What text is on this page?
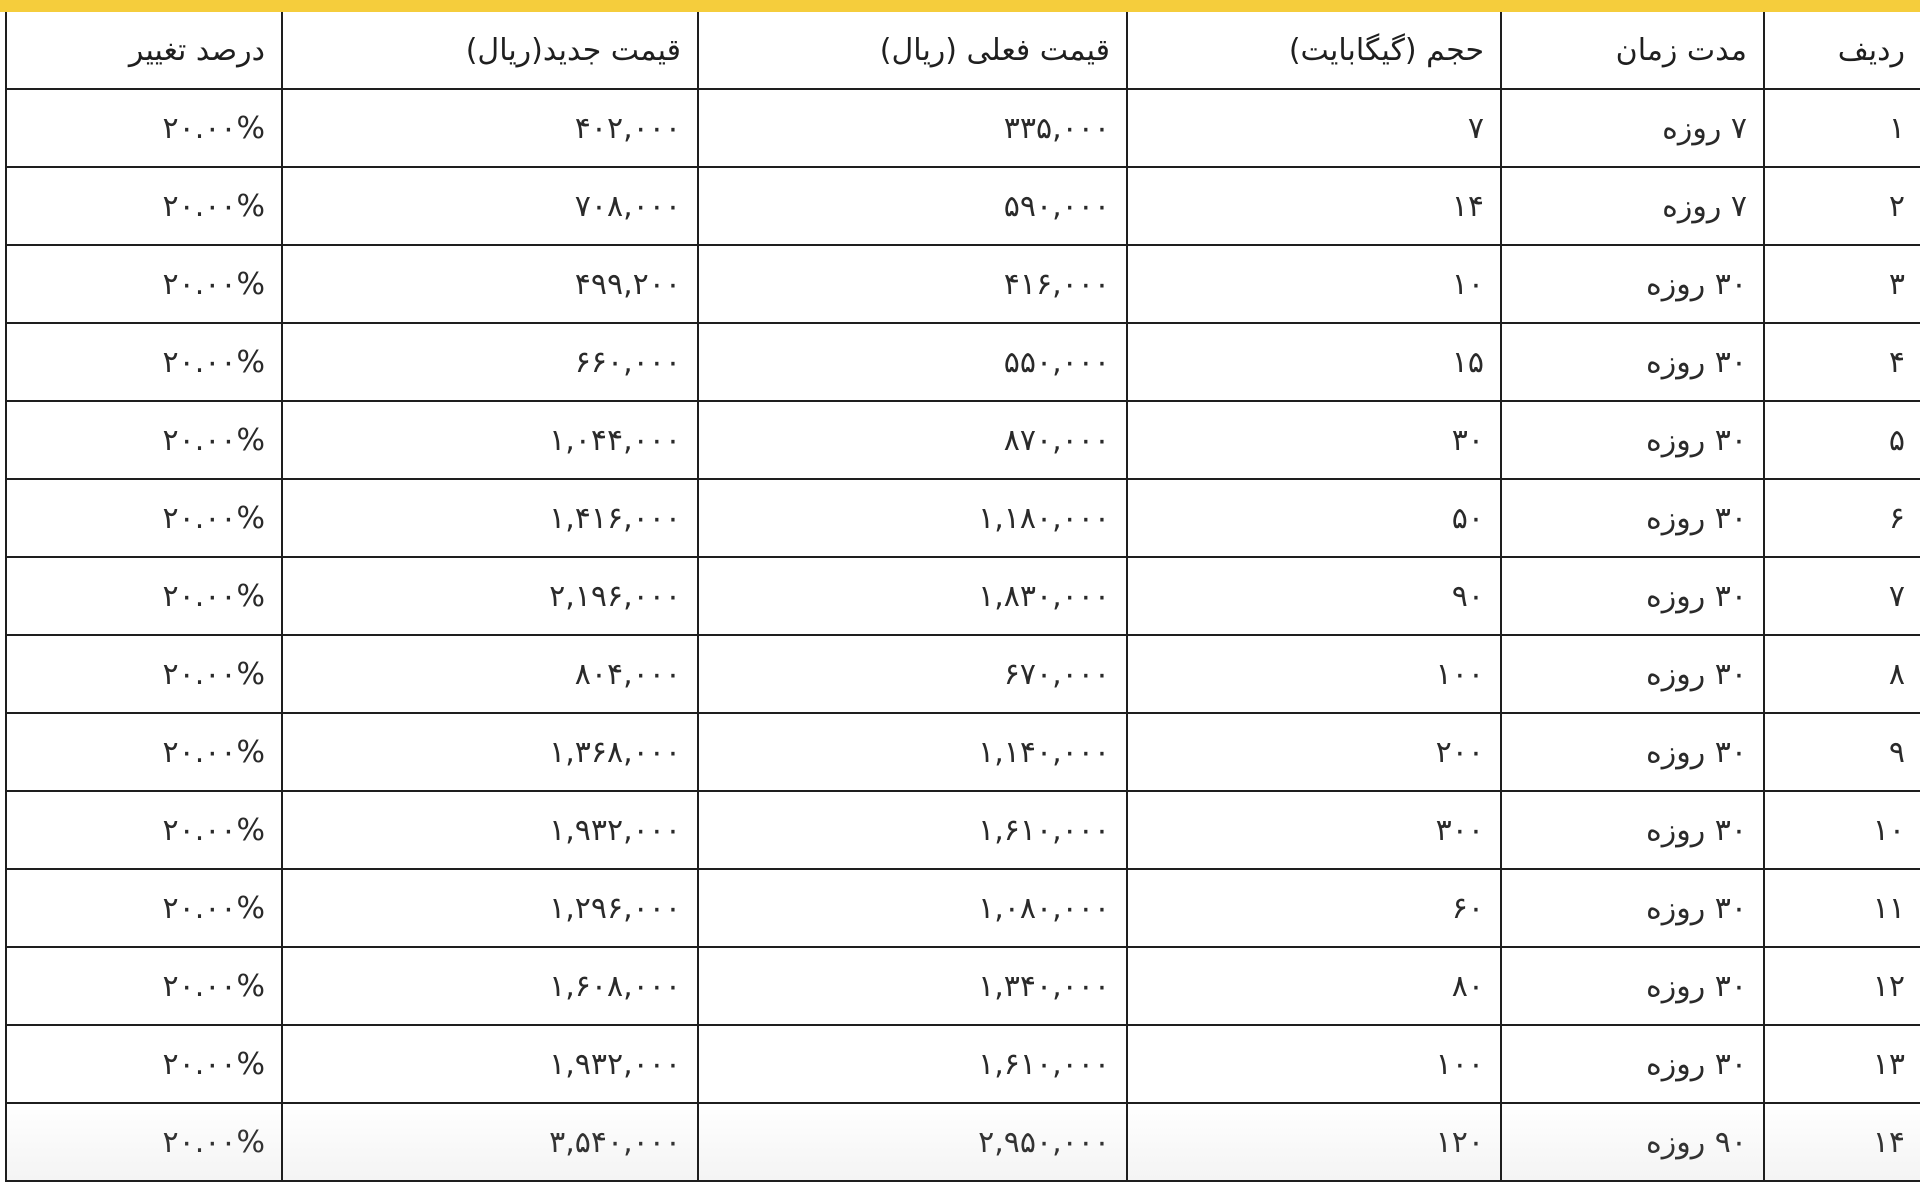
ردیف	مدت زمان	حجم (گیگابایت)	قیمت فعلی (ریال)	قیمت جدید(ریال)	درصد تغییر
۱	۷ روزه	۷	۳۳۵,۰۰۰	۴۰۲,۰۰۰	۲۰.۰۰%
۲	۷ روزه	۱۴	۵۹۰,۰۰۰	۷۰۸,۰۰۰	۲۰.۰۰%
۳	۳۰ روزه	۱۰	۴۱۶,۰۰۰	۴۹۹,۲۰۰	۲۰.۰۰%
۴	۳۰ روزه	۱۵	۵۵۰,۰۰۰	۶۶۰,۰۰۰	۲۰.۰۰%
۵	۳۰ روزه	۳۰	۸۷۰,۰۰۰	۱,۰۴۴,۰۰۰	۲۰.۰۰%
۶	۳۰ روزه	۵۰	۱,۱۸۰,۰۰۰	۱,۴۱۶,۰۰۰	۲۰.۰۰%
۷	۳۰ روزه	۹۰	۱,۸۳۰,۰۰۰	۲,۱۹۶,۰۰۰	۲۰.۰۰%
۸	۳۰ روزه	۱۰۰	۶۷۰,۰۰۰	۸۰۴,۰۰۰	۲۰.۰۰%
۹	۳۰ روزه	۲۰۰	۱,۱۴۰,۰۰۰	۱,۳۶۸,۰۰۰	۲۰.۰۰%
۱۰	۳۰ روزه	۳۰۰	۱,۶۱۰,۰۰۰	۱,۹۳۲,۰۰۰	۲۰.۰۰%
۱۱	۳۰ روزه	۶۰	۱,۰۸۰,۰۰۰	۱,۲۹۶,۰۰۰	۲۰.۰۰%
۱۲	۳۰ روزه	۸۰	۱,۳۴۰,۰۰۰	۱,۶۰۸,۰۰۰	۲۰.۰۰%
۱۳	۳۰ روزه	۱۰۰	۱,۶۱۰,۰۰۰	۱,۹۳۲,۰۰۰	۲۰.۰۰%
۱۴	۹۰ روزه	۱۲۰	۲,۹۵۰,۰۰۰	۳,۵۴۰,۰۰۰	۲۰.۰۰%
